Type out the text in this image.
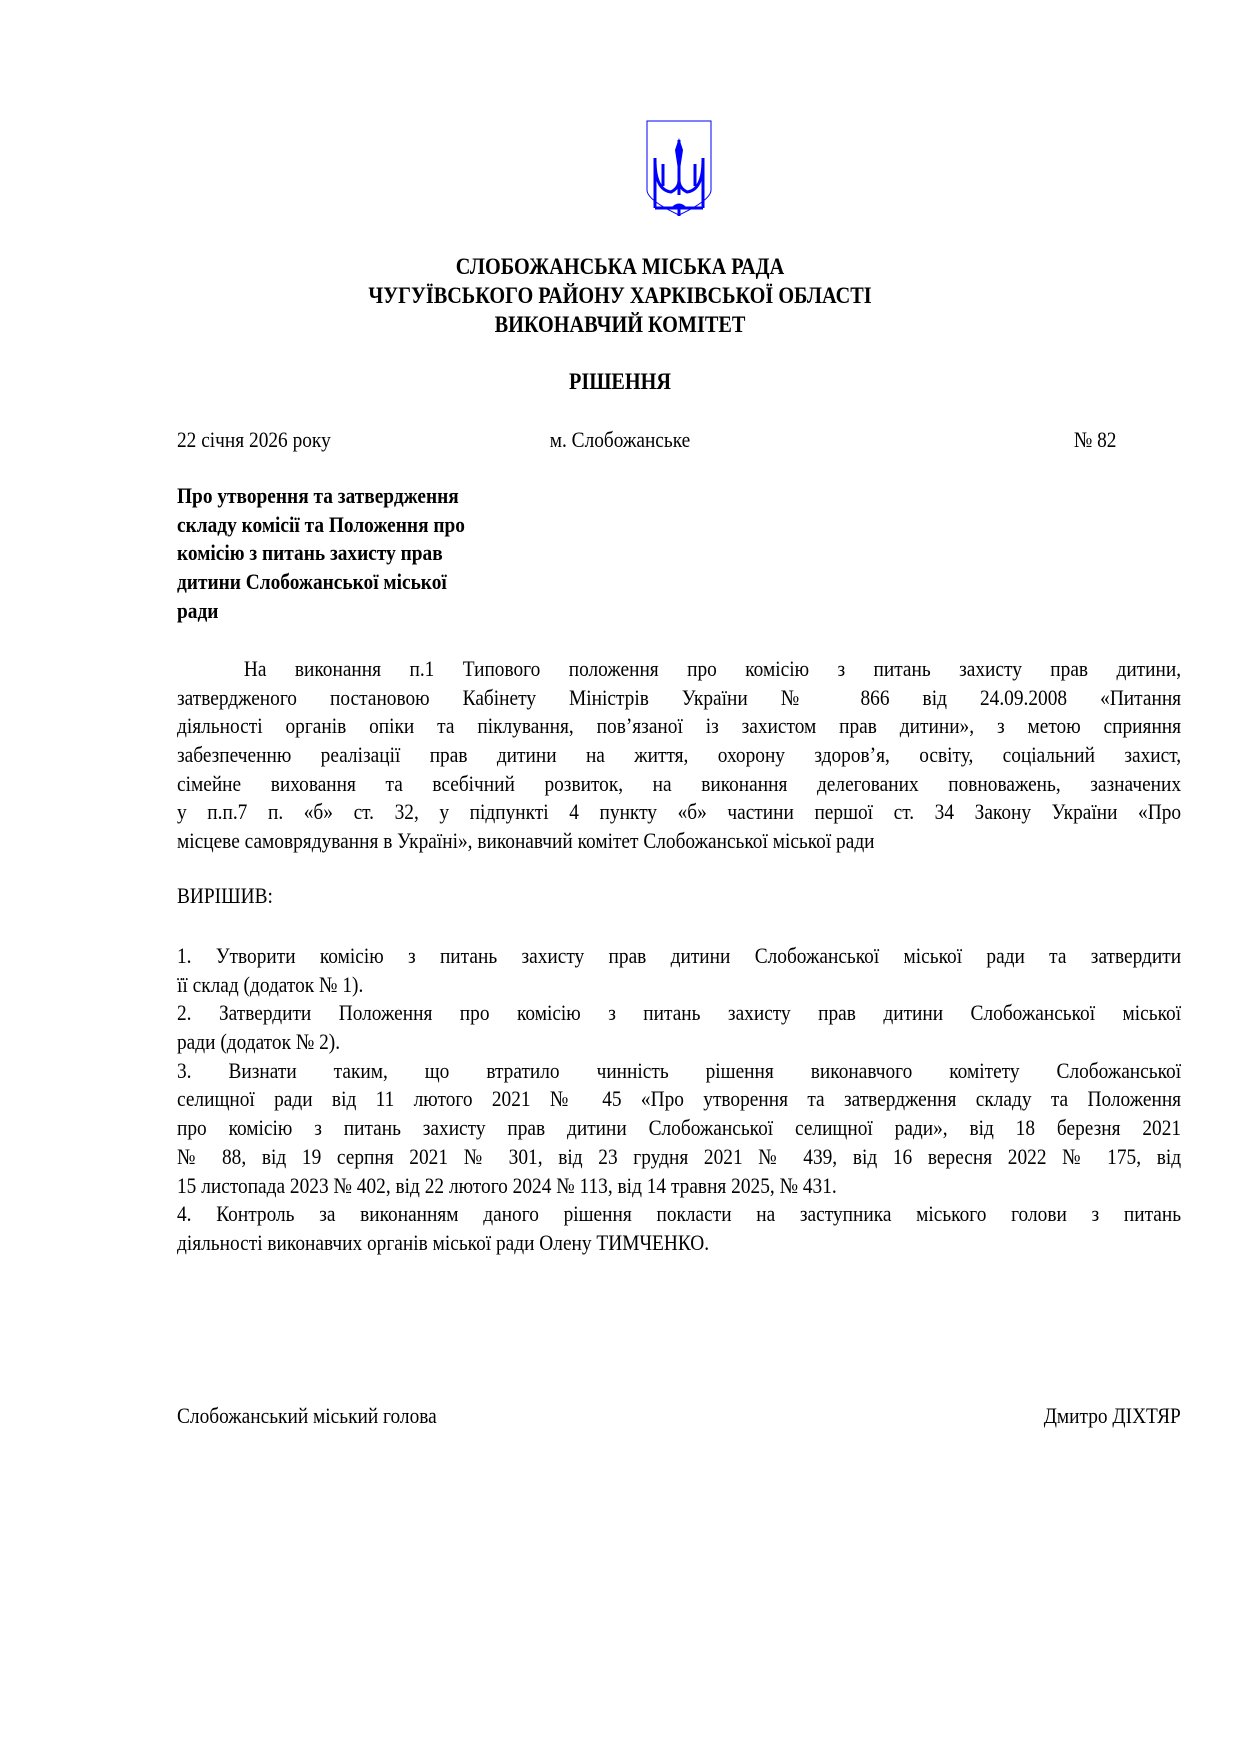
СЛОБОЖАНСЬКА МІСЬКА РАДА
ЧУГУЇВСЬКОГО РАЙОНУ ХАРКІВСЬКОЇ ОБЛАСТІ
ВИКОНАВЧИЙ КОМІТЕТ
РІШЕННЯ
22 січня 2026 року	м. Слобожанське	№ 82
Про утворення та затвердження
складу комісії та Положення про
комісію з питань захисту прав
дитини Слобожанської міської
ради
На виконання п.1 Типового положення про комісію з питань захисту прав дитини,
затвердженого постановою Кабінету Міністрів України № 866 від 24.09.2008 «Питання
діяльності органів опіки та піклування, пов’язаної із захистом прав дитини», з метою сприяння
забезпеченню реалізації прав дитини на життя, охорону здоров’я, освіту, соціальний захист,
сімейне виховання та всебічний розвиток, на виконання делегованих повноважень, зазначених
у п.п.7 п. «б» ст. 32, у підпункті 4 пункту «б» частини першої ст. 34 Закону України «Про
місцеве самоврядування в Україні», виконавчий комітет Слобожанської міської ради
ВИРІШИВ:
1. Утворити комісію з питань захисту прав дитини Слобожанської міської ради та затвердити
її склад (додаток № 1).
2. Затвердити Положення про комісію з питань захисту прав дитини Слобожанської міської
ради (додаток № 2).
3. Визнати таким, що втратило чинність рішення виконавчого комітету Слобожанської
селищної ради від 11 лютого 2021 № 45 «Про утворення та затвердження складу та Положення
про комісію з питань захисту прав дитини Слобожанської селищної ради», від 18 березня 2021
№ 88, від 19 серпня 2021 № 301, від 23 грудня 2021 № 439, від 16 вересня 2022 № 175, від
15 листопада 2023 № 402, від 22 лютого 2024 № 113, від 14 травня 2025, № 431.
4. Контроль за виконанням даного рішення покласти на заступника міського голови з питань
діяльності виконавчих органів міської ради Олену ТИМЧЕНКО.
Слобожанський міський голова	Дмитро ДІХТЯР
